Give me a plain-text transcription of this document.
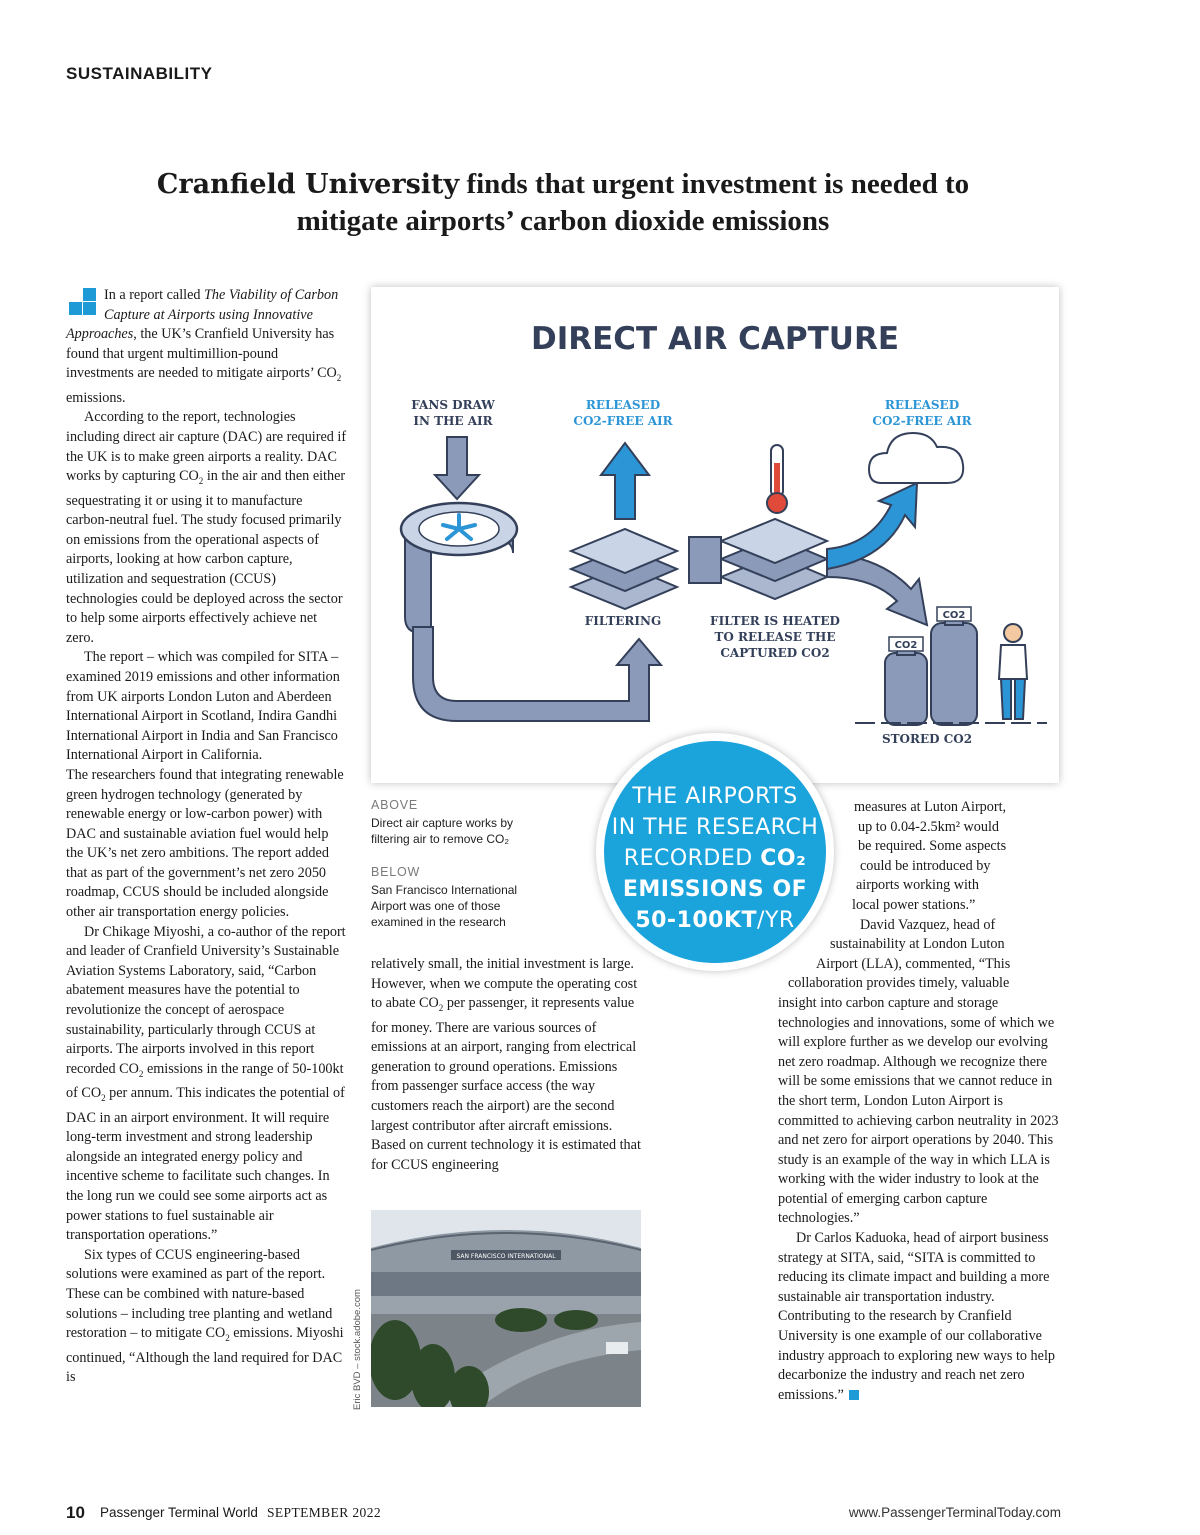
SUSTAINABILITY
Cranfield University finds that urgent investment is needed to mitigate airports’ carbon dioxide emissions

In a report called The Viability of Carbon Capture at Airports using Innovative Approaches, the UK’s Cranfield University has found that urgent multimillion-pound investments are needed to mitigate airports’ $CO_2$ emissions.

According to the report, technologies including direct air capture (DAC) are required if the UK is to make green airports a reality. DAC works by capturing $CO_2$ in the air and then either sequestrating it or using it to manufacture carbon-neutral fuel. The study focused primarily on emissions from the operational aspects of airports, looking at how carbon capture, utilization and sequestration (CCUS) technologies could be deployed across the sector to help some airports effectively achieve net zero.

The report – which was compiled for SITA – examined 2019 emissions and other information from UK airports London Luton and Aberdeen International Airport in Scotland, Indira Gandhi International Airport in India and San Francisco International Airport in California.

The researchers found that integrating renewable green hydrogen technology (generated by renewable energy or low-carbon power) with DAC and sustainable aviation fuel would help the UK’s net zero ambitions. The report added that as part of the government’s net zero 2050 roadmap, CCUS should be included alongside other air transportation energy policies.

Dr Chikage Miyoshi, a co-author of the report and leader of Cranfield University’s Sustainable Aviation Systems Laboratory, said, “Carbon abatement measures have the potential to revolutionize the concept of aerospace sustainability, particularly through CCUS at airports. The airports involved in this report recorded $CO_2$ emissions in the range of 50-100kt of $CO_2$ per annum. This indicates the potential of DAC in an airport environment. It will require long-term investment and strong leadership alongside an integrated energy policy and incentive scheme to facilitate such changes. In the long run we could see some airports act as power stations to fuel sustainable air transportation operations.”

Six types of CCUS engineering-based solutions were examined as part of the report. These can be combined with nature-based solutions – including tree planting and wetland restoration – to mitigate $CO_2$ emissions. Miyoshi continued, “Although the land required for DAC is

relatively small, the initial investment is large. However, when we compute the operating cost to abate $CO_2$ per passenger, it represents value for money. There are various sources of emissions at an airport, ranging from electrical generation to ground operations. Emissions from passenger surface access (the way customers reach the airport) are the second largest contributor after aircraft emissions. Based on current technology it is estimated that for CCUS engineering

measures at Luton Airport,
up to 0.04-2.5km² would
be required. Some aspects
could be introduced by
airports working with
local power stations.”
David Vazquez, head of
sustainability at London Luton
Airport (LLA), commented, “This
collaboration provides timely, valuable

insight into carbon capture and storage technologies and innovations, some of which we will explore further as we develop our evolving net zero roadmap. Although we recognize there will be some emissions that we cannot reduce in the short term, London Luton Airport is committed to achieving carbon neutrality in 2023 and net zero for airport operations by 2040. This study is an example of the way in which LLA is working with the wider industry to look at the potential of emerging carbon capture technologies.”

Dr Carlos Kaduoka, head of airport business strategy at SITA, said, “SITA is committed to reducing its climate impact and building a more sustainable air transportation industry. Contributing to the research by Cranfield University is one example of our collaborative industry approach to exploring new ways to help decarbonize the industry and reach net zero emissions.”

DIRECT AIR CAPTURE
FANS DRAW
IN THE AIR
RELEASED
CO2-FREE AIR
RELEASED
CO2-FREE AIR
FILTERING	FILTER IS HEATED
TO RELEASE THE
CAPTURED CO2
CO2
CO2
STORED CO2
ABOVE
Direct air capture works by filtering air to remove CO₂
BELOW
San Francisco International Airport was one of those examined in the research
THE AIRPORTS
IN THE RESEARCH
RECORDED CO₂
EMISSIONS OF
50-100KT/YR
SAN FRANCISCO INTERNATIONAL
Eric BVD – stock.adobe.com
10 Passenger Terminal World SEPTEMBER 2022	www.PassengerTerminalToday.com
